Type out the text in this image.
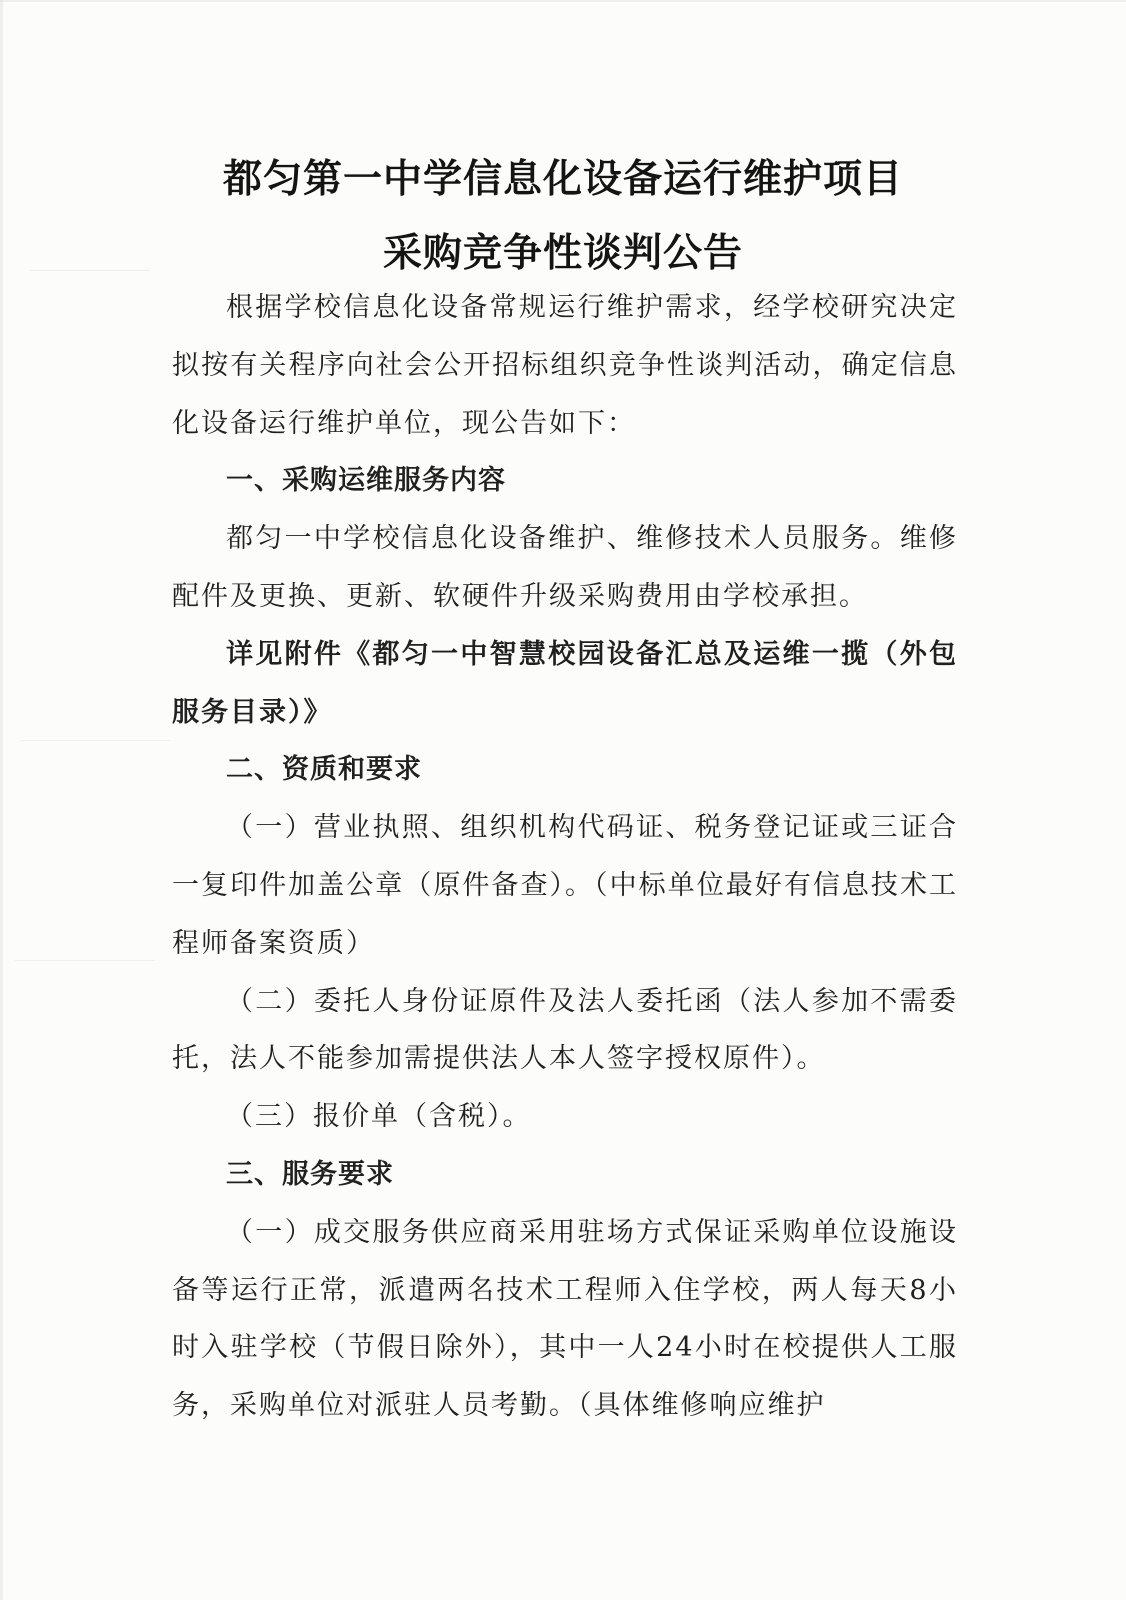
都匀第一中学信息化设备运行维护项目
采购竞争性谈判公告

根据学校信息化设备常规运行维护需求，经学校研究决定拟按有关程序向社会公开招标组织竞争性谈判活动，确定信息化设备运行维护单位，现公告如下：

一、采购运维服务内容

都匀一中学校信息化设备维护、维修技术人员服务。维修配件及更换、更新、软硬件升级采购费用由学校承担。

详见附件《都匀一中智慧校园设备汇总及运维一揽（外包服务目录）》

二、资质和要求

（一）营业执照、组织机构代码证、税务登记证或三证合一复印件加盖公章（原件备查）。（中标单位最好有信息技术工程师备案资质）

（二）委托人身份证原件及法人委托函（法人参加不需委托，法人不能参加需提供法人本人签字授权原件）。

（三）报价单（含税）。

三、服务要求

（一）成交服务供应商采用驻场方式保证采购单位设施设备等运行正常，派遣两名技术工程师入住学校，两人每天8小时入驻学校（节假日除外），其中一人24小时在校提供人工服务，采购单位对派驻人员考勤。（具体维修响应维护
